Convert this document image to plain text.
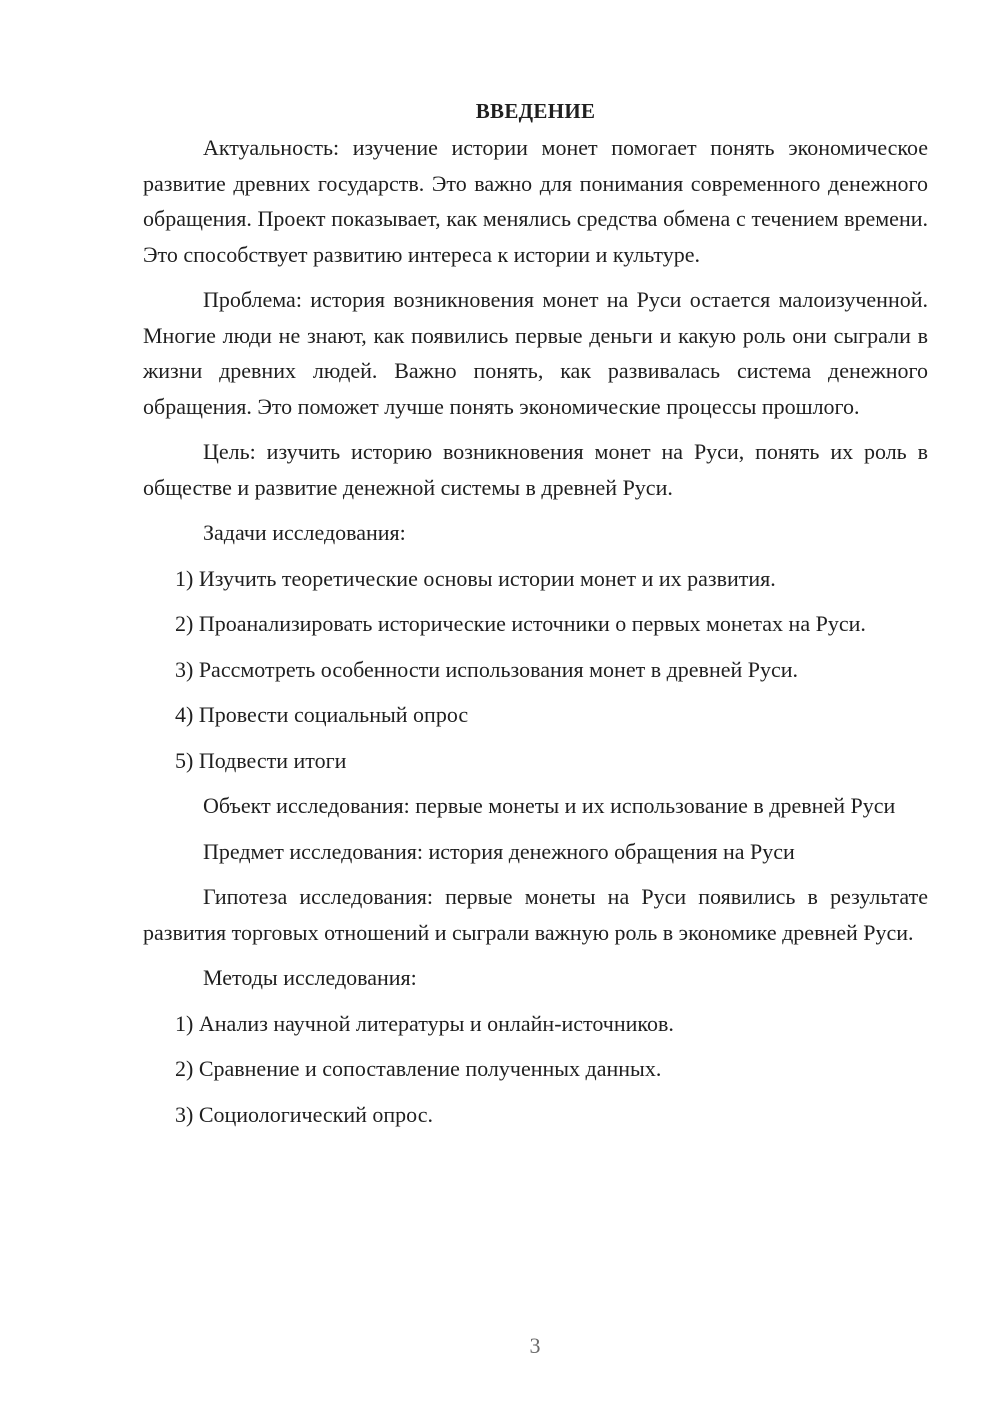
ВВЕДЕНИЕ

Актуальность: изучение истории монет помогает понять экономическое развитие древних государств. Это важно для понимания современного денежного обращения. Проект показывает, как менялись средства обмена с течением времени. Это способствует развитию интереса к истории и культуре.

Проблема: история возникновения монет на Руси остается малоизученной. Многие люди не знают, как появились первые деньги и какую роль они сыграли в жизни древних людей. Важно понять, как развивалась система денежного обращения. Это поможет лучше понять экономические процессы прошлого.

Цель: изучить историю возникновения монет на Руси, понять их роль в обществе и развитие денежной системы в древней Руси.

Задачи исследования:

1) Изучить теоретические основы истории монет и их развития.

2) Проанализировать исторические источники о первых монетах на Руси.

3) Рассмотреть особенности использования монет в древней Руси.

4) Провести социальный опрос

5) Подвести итоги

Объект исследования: первые монеты и их использование в древней Руси

Предмет исследования: история денежного обращения на Руси

Гипотеза исследования: первые монеты на Руси появились в результате развития торговых отношений и сыграли важную роль в экономике древней Руси.

Методы исследования:

1) Анализ научной литературы и онлайн-источников.

2) Сравнение и сопоставление полученных данных.

3) Социологический опрос.

3
